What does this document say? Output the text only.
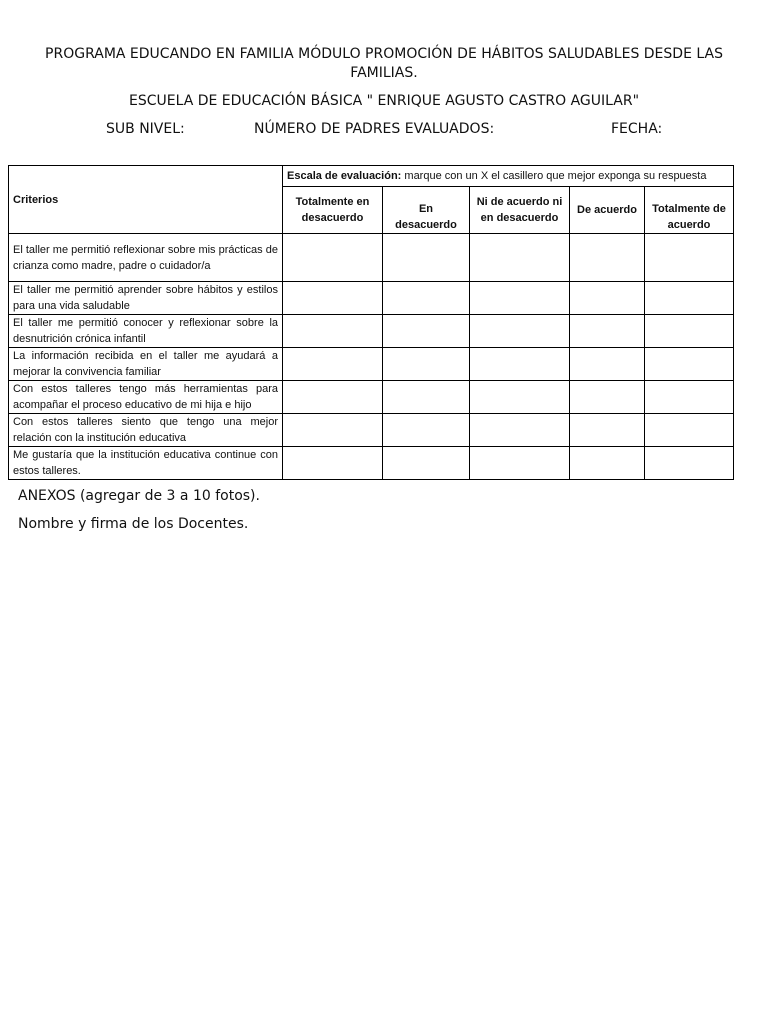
PROGRAMA EDUCANDO EN FAMILIA MÓDULO PROMOCIÓN DE HÁBITOS SALUDABLES DESDE LAS FAMILIAS.
ESCUELA DE EDUCACIÓN BÁSICA " ENRIQUE AGUSTO CASTRO AGUILAR"
SUB NIVEL:	NÚMERO DE PADRES EVALUADOS:	FECHA:
Criterios	Escala de evaluación: marque con un X el casillero que mejor exponga su respuesta				
	Totalmente en desacuerdo	En desacuerdo	Ni de acuerdo ni en desacuerdo	De acuerdo	Totalmente de acuerdo
El taller me permitió reflexionar sobre mis prácticas de crianza como madre, padre o cuidador/a					
El taller me permitió aprender sobre hábitos y estilos para una vida saludable					
El taller me permitió conocer y reflexionar sobre la desnutrición crónica infantil					
La información recibida en el taller me ayudará a mejorar la convivencia familiar					
Con estos talleres tengo más herramientas para acompañar el proceso educativo de mi hija e hijo					
Con estos talleres siento que tengo una mejor relación con la institución educativa					
Me gustaría que la institución educativa continue con estos talleres.					
ANEXOS (agregar de 3 a 10 fotos).
Nombre y firma de los Docentes.
